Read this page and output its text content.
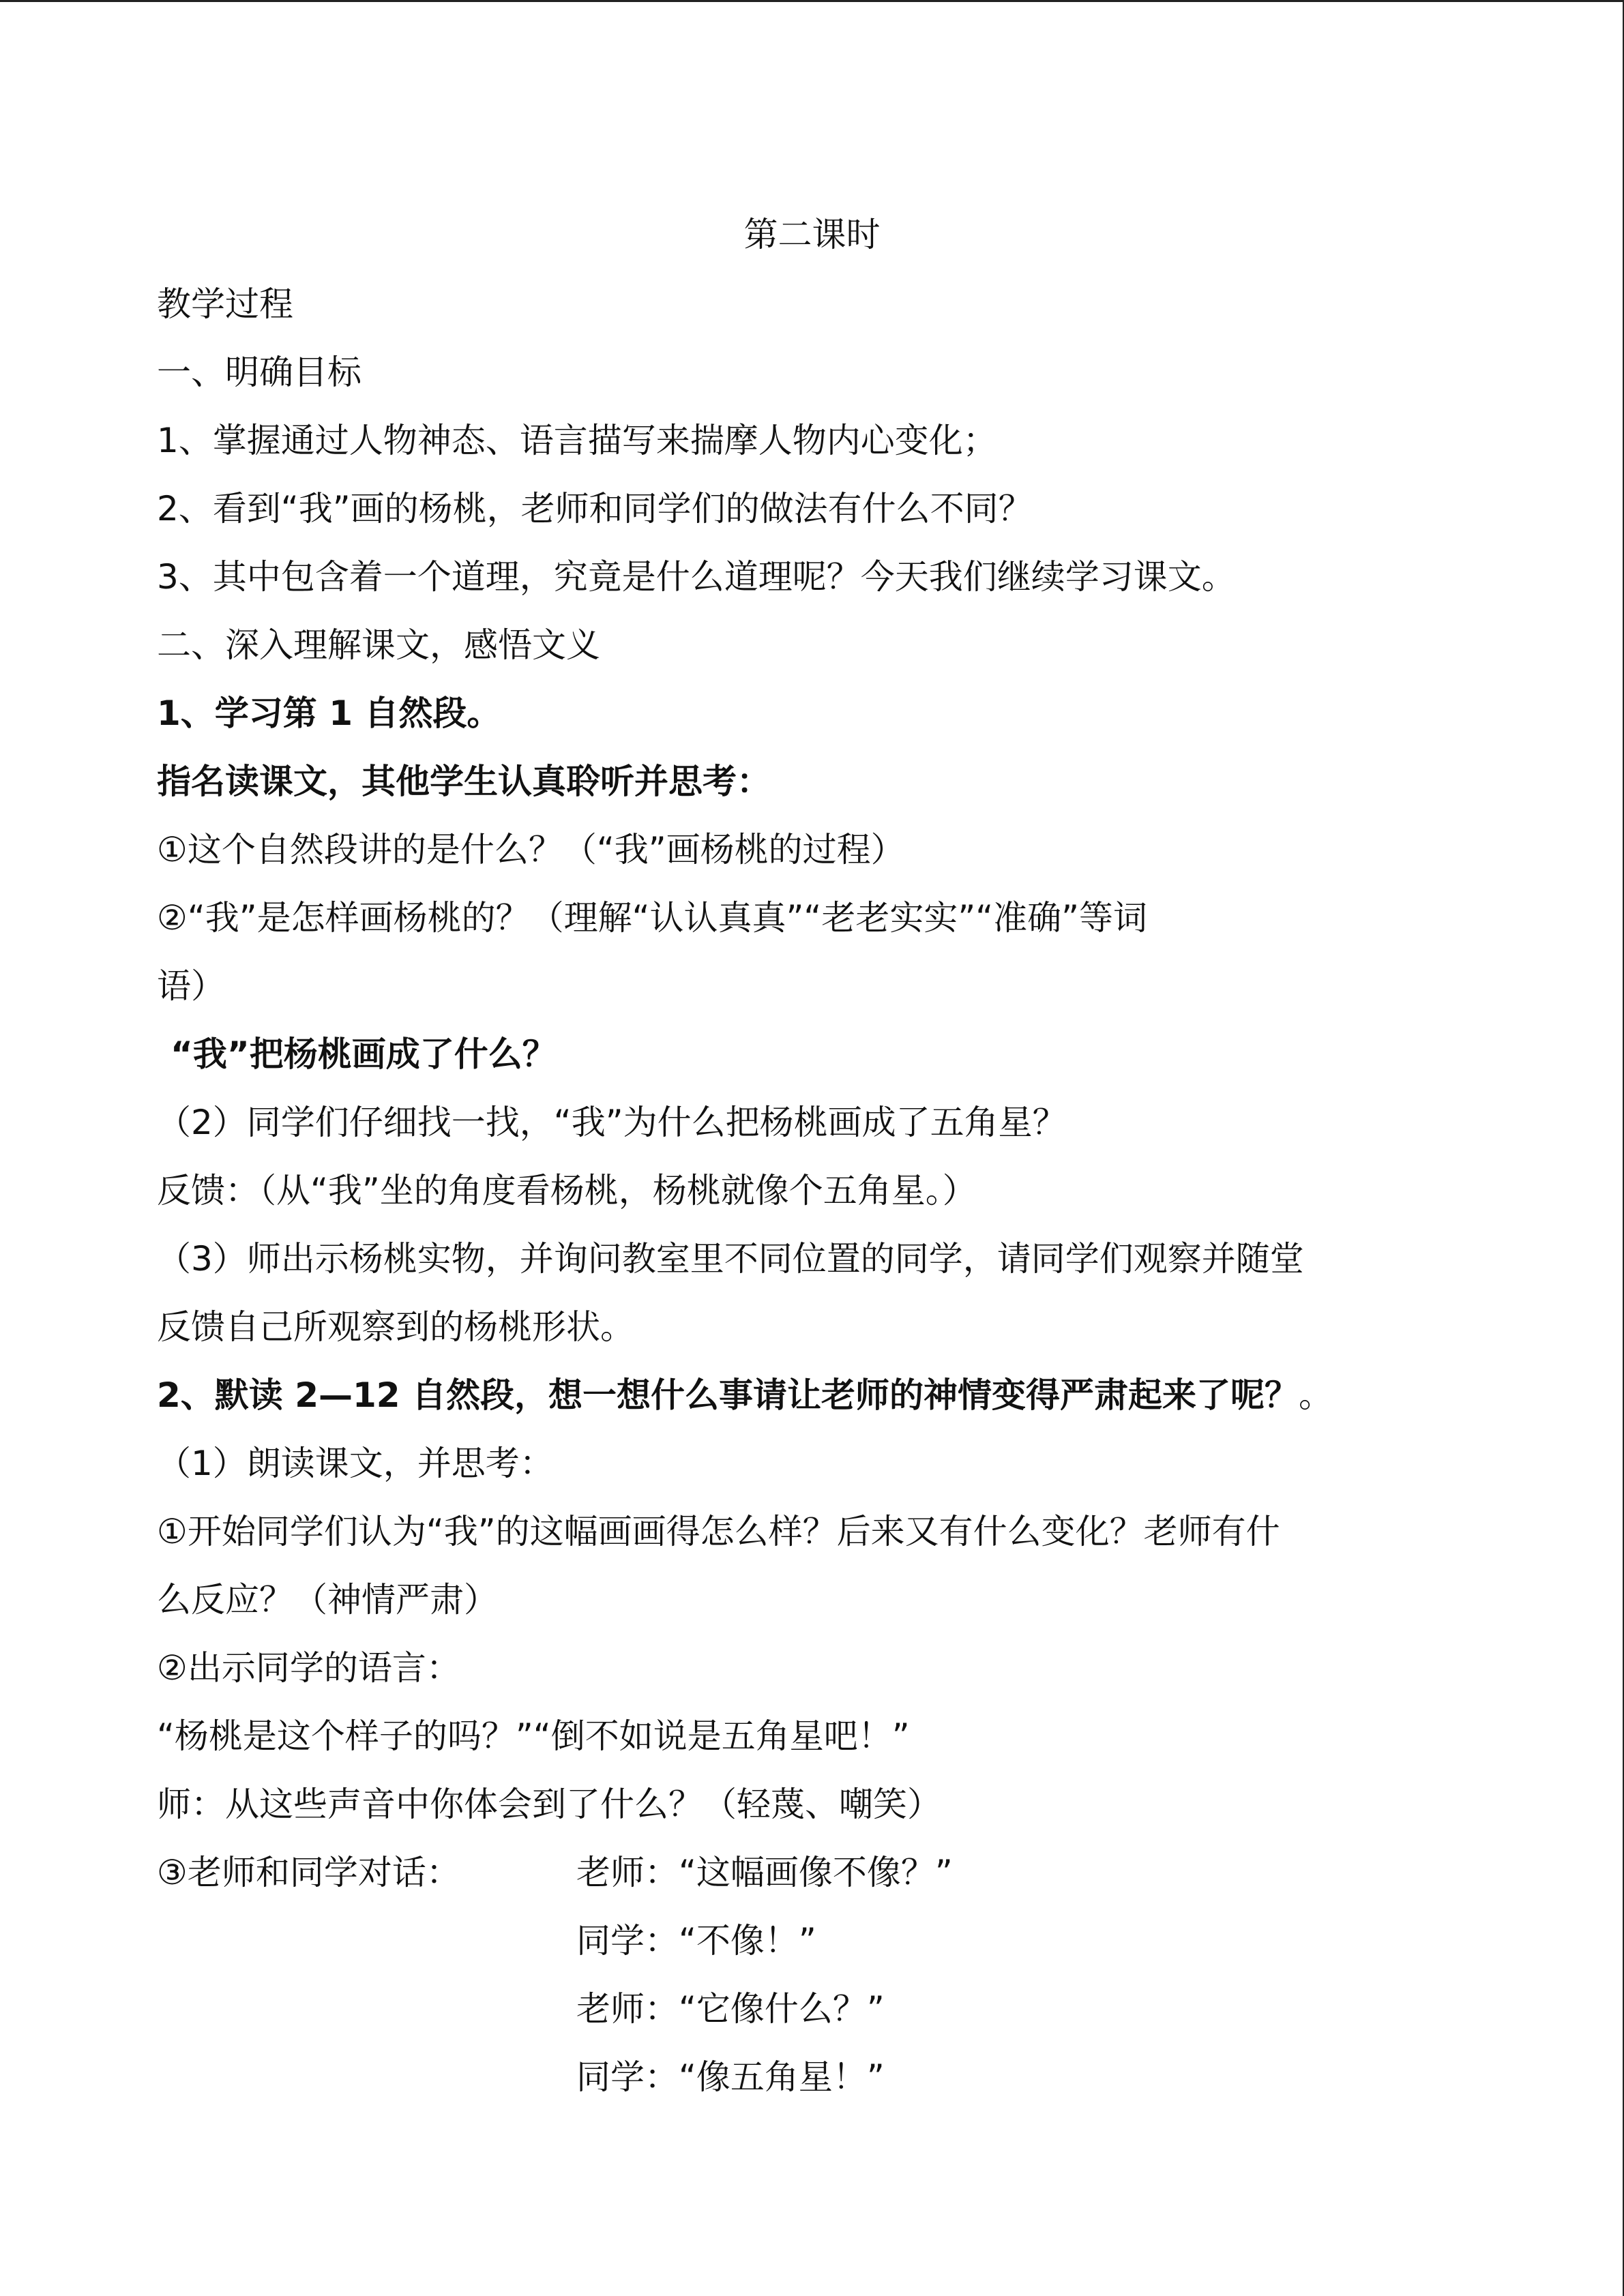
第二课时
教学过程
一、明确目标
1、掌握通过人物神态、语言描写来揣摩人物内心变化；
2、看到“我”画的杨桃，老师和同学们的做法有什么不同？
3、其中包含着一个道理，究竟是什么道理呢？今天我们继续学习课文。
二、深入理解课文，感悟文义
1、学习第 1 自然段。
指名读课文，其他学生认真聆听并思考：
①这个自然段讲的是什么？（“我”画杨桃的过程）
②“我”是怎样画杨桃的？（理解“认认真真”“老老实实”“准确”等词
语）
“我”把杨桃画成了什么？
（2）同学们仔细找一找，“我”为什么把杨桃画成了五角星？
反馈：（从“我”坐的角度看杨桃，杨桃就像个五角星。）
（3）师出示杨桃实物，并询问教室里不同位置的同学，请同学们观察并随堂
反馈自己所观察到的杨桃形状。
2、默读 2—12 自然段，想一想什么事请让老师的神情变得严肃起来了呢？。
（1）朗读课文，并思考：
①开始同学们认为“我”的这幅画画得怎么样？后来又有什么变化？老师有什
么反应？（神情严肃）
②出示同学的语言：
“杨桃是这个样子的吗？”“倒不如说是五角星吧！”
师：从这些声音中你体会到了什么？（轻蔑、嘲笑）
③老师和同学对话：	老师：“这幅画像不像？”
同学：“不像！”
老师：“它像什么？”
同学：“像五角星！”
